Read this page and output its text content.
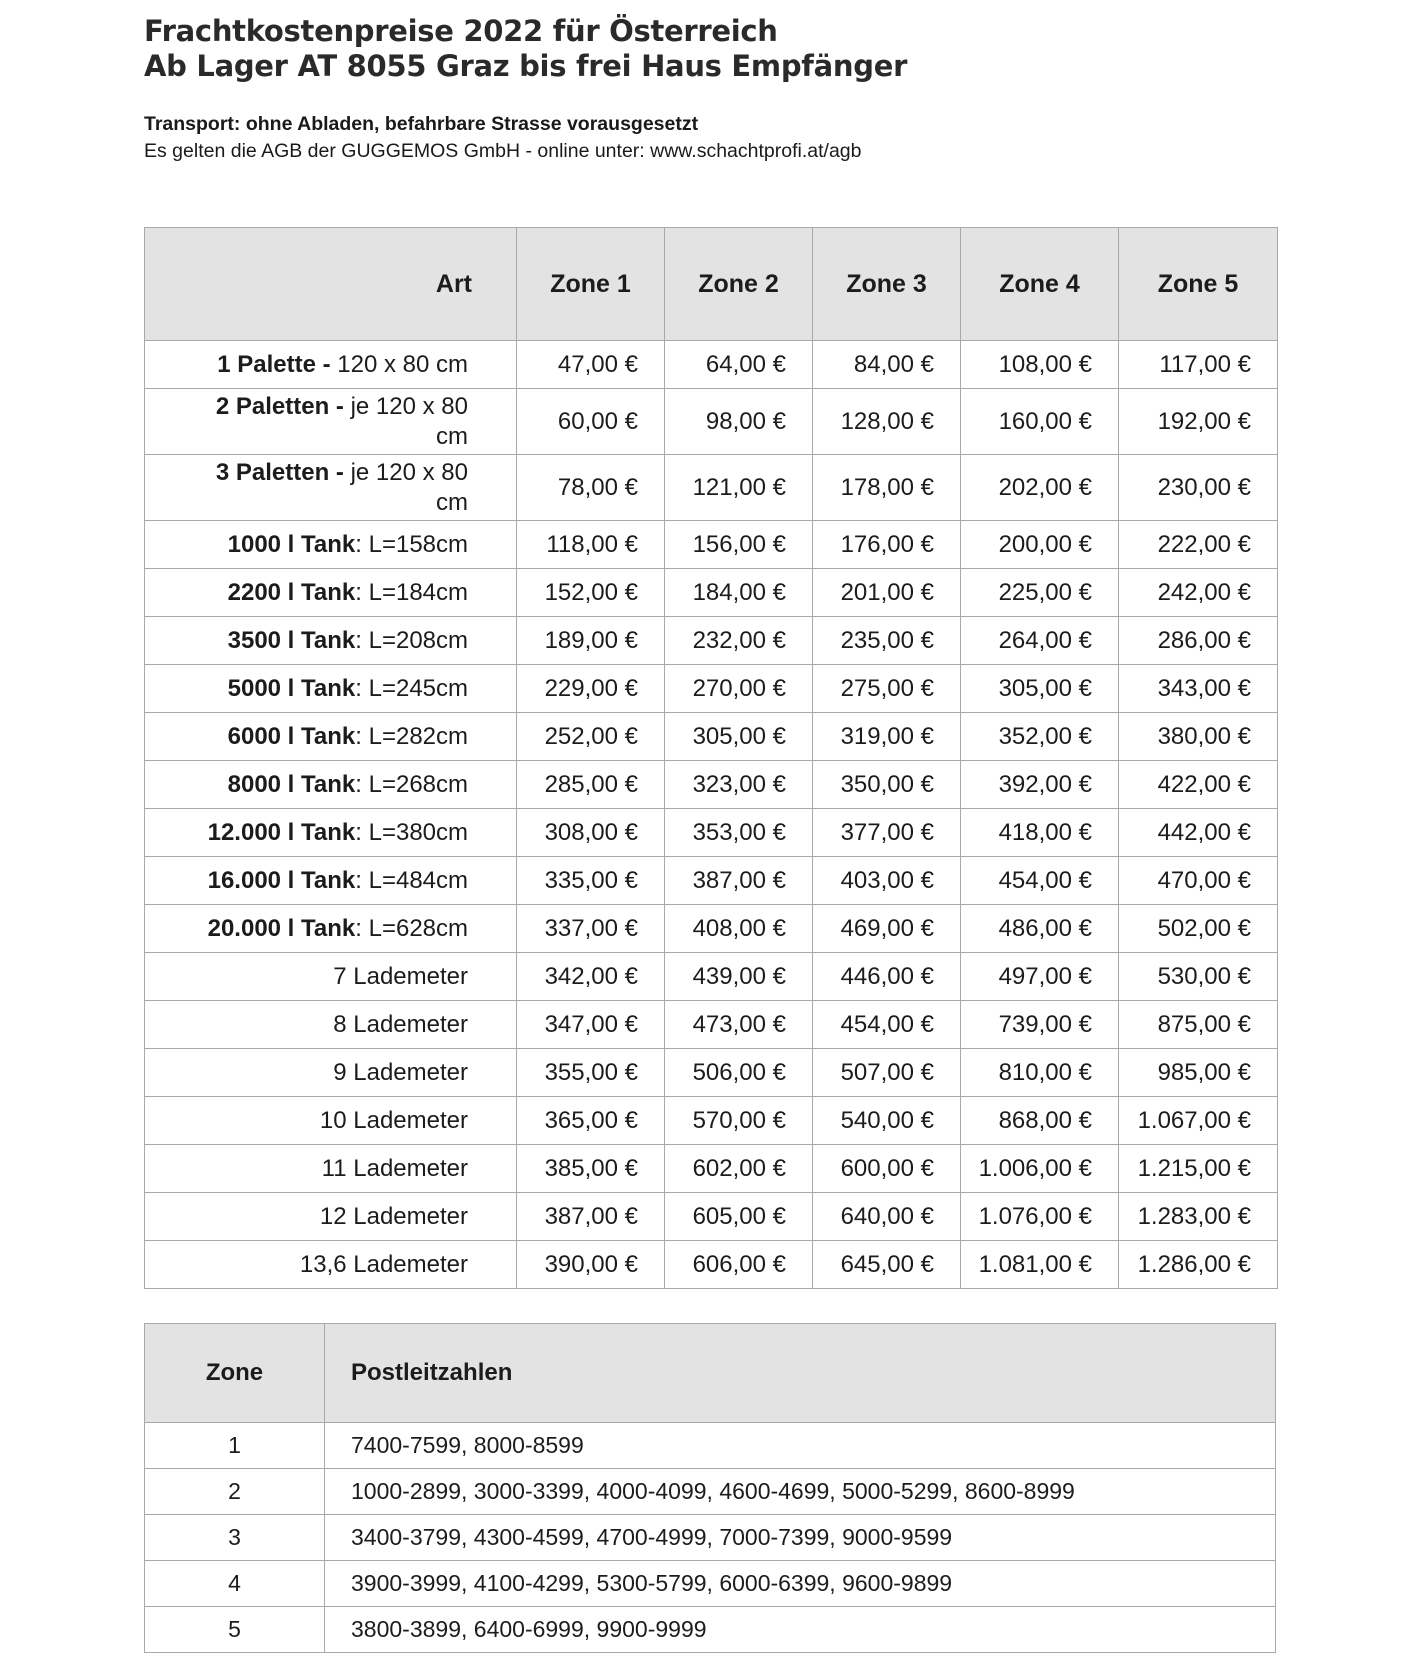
Frachtkostenpreise 2022 für Österreich
Ab Lager AT 8055 Graz bis frei Haus Empfänger
Transport: ohne Abladen, befahrbare Strasse vorausgesetzt
Es gelten die AGB der GUGGEMOS GmbH - online unter: www.schachtprofi.at/agb
Art	Zone 1	Zone 2	Zone 3	Zone 4	Zone 5
1 Palette - 120 x 80 cm	47,00 €	64,00 €	84,00 €	108,00 €	117,00 €
2 Paletten - je 120 x 80 cm	60,00 €	98,00 €	128,00 €	160,00 €	192,00 €
3 Paletten - je 120 x 80 cm	78,00 €	121,00 €	178,00 €	202,00 €	230,00 €
1000 l Tank: L=158cm	118,00 €	156,00 €	176,00 €	200,00 €	222,00 €
2200 l Tank: L=184cm	152,00 €	184,00 €	201,00 €	225,00 €	242,00 €
3500 l Tank: L=208cm	189,00 €	232,00 €	235,00 €	264,00 €	286,00 €
5000 l Tank: L=245cm	229,00 €	270,00 €	275,00 €	305,00 €	343,00 €
6000 l Tank: L=282cm	252,00 €	305,00 €	319,00 €	352,00 €	380,00 €
8000 l Tank: L=268cm	285,00 €	323,00 €	350,00 €	392,00 €	422,00 €
12.000 l Tank: L=380cm	308,00 €	353,00 €	377,00 €	418,00 €	442,00 €
16.000 l Tank: L=484cm	335,00 €	387,00 €	403,00 €	454,00 €	470,00 €
20.000 l Tank: L=628cm	337,00 €	408,00 €	469,00 €	486,00 €	502,00 €
7 Lademeter	342,00 €	439,00 €	446,00 €	497,00 €	530,00 €
8 Lademeter	347,00 €	473,00 €	454,00 €	739,00 €	875,00 €
9 Lademeter	355,00 €	506,00 €	507,00 €	810,00 €	985,00 €
10 Lademeter	365,00 €	570,00 €	540,00 €	868,00 €	1.067,00 €
11 Lademeter	385,00 €	602,00 €	600,00 €	1.006,00 €	1.215,00 €
12 Lademeter	387,00 €	605,00 €	640,00 €	1.076,00 €	1.283,00 €
13,6 Lademeter	390,00 €	606,00 €	645,00 €	1.081,00 €	1.286,00 €
Zone	Postleitzahlen
1	7400-7599, 8000-8599
2	1000-2899, 3000-3399, 4000-4099, 4600-4699, 5000-5299, 8600-8999
3	3400-3799, 4300-4599, 4700-4999, 7000-7399, 9000-9599
4	3900-3999, 4100-4299, 5300-5799, 6000-6399, 9600-9899
5	3800-3899, 6400-6999, 9900-9999
